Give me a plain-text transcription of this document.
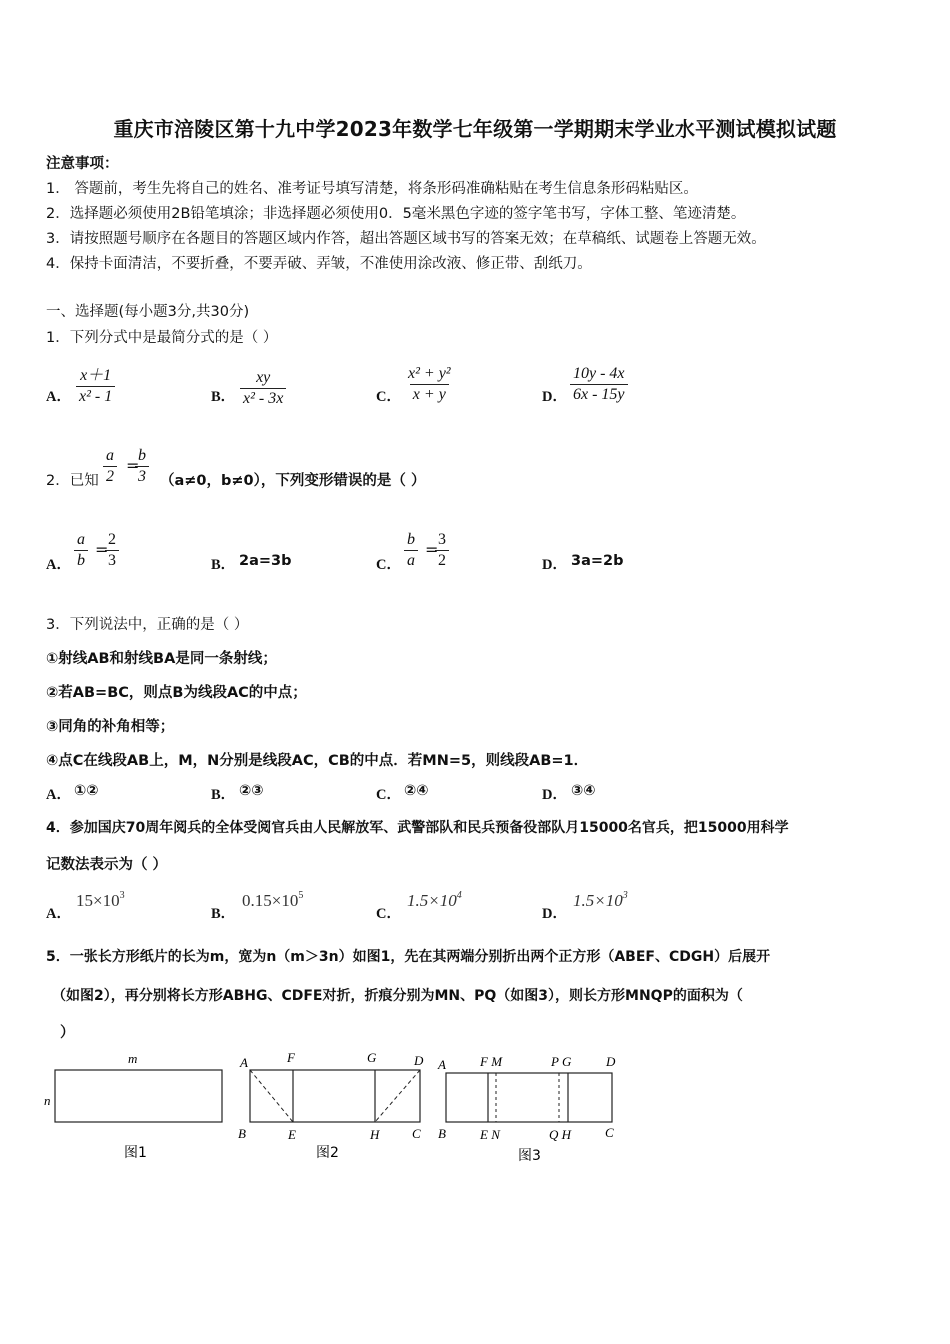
重庆市涪陵区第十九中学2023年数学七年级第一学期期末学业水平测试模拟试题
注意事项：
1． 答题前，考生先将自己的姓名、准考证号填写清楚，将条形码准确粘贴在考生信息条形码粘贴区。
2．选择题必须使用2B铅笔填涂；非选择题必须使用0．5毫米黑色字迹的签字笔书写，字体工整、笔迹清楚。
3．请按照题号顺序在各题目的答题区域内作答，超出答题区域书写的答案无效；在草稿纸、试题卷上答题无效。
4．保持卡面清洁，不要折叠，不要弄破、弄皱，不准使用涂改液、修正带、刮纸刀。
一、选择题(每小题3分,共30分)
1．下列分式中是最简分式的是（ ）
A． $\frac{x+1}{\text{x² - 1}}$	B． $\frac{xy}{\text{x² - 3x}}$	C． $\frac{\text{x² + y²}}{x + y}$	D． $\frac{10y - 4x}{6x - 15y}$
2．已知 $\frac{a}{2}$ =
$\frac{b}{3} (a\ne 0$，b≠0），下列变形错误的是（ ）
A． $\frac{a}{b}$ =
$\frac{2}{3}$	B． 2a=3b	C． $\frac{b}{a}$ =
$\frac{3}{2}$	D． 3a=2b
3．下列说法中，正确的是（ ）
①射线AB和射线BA是同一条射线；
②若AB=BC，则点B为线段AC的中点；
③同角的补角相等；
④点C在线段AB上，M，N分别是线段AC，CB的中点．若MN=5，则线段AB=1．
A． ①②	B． ②③	C． ②④	D． ③④
4．参加国庆70周年阅兵的全体受阅官兵由人民解放军、武警部队和民兵预备役部队月15000名官兵，把15000用科学
记数法表示为（ ）
A．
$15\times 10^3$
B．
$0.15\times 10^5$
C．
$1.5\times 10^4$
D．
$1.5\times 10^3$
5．一张长方形纸片的长为m，宽为n（m＞3n）如图1，先在其两端分别折出两个正方形（ABEF、CDGH）后展开
（如图2），再分别将长方形ABHG、CDFE对折，折痕分别为MN、PQ（如图3），则长方形MNQP的面积为（
）
m
n
图1
A	F	G	D
B	E	H	C
图2
A	F M	P G	D
B	E N	Q H	C
图3
